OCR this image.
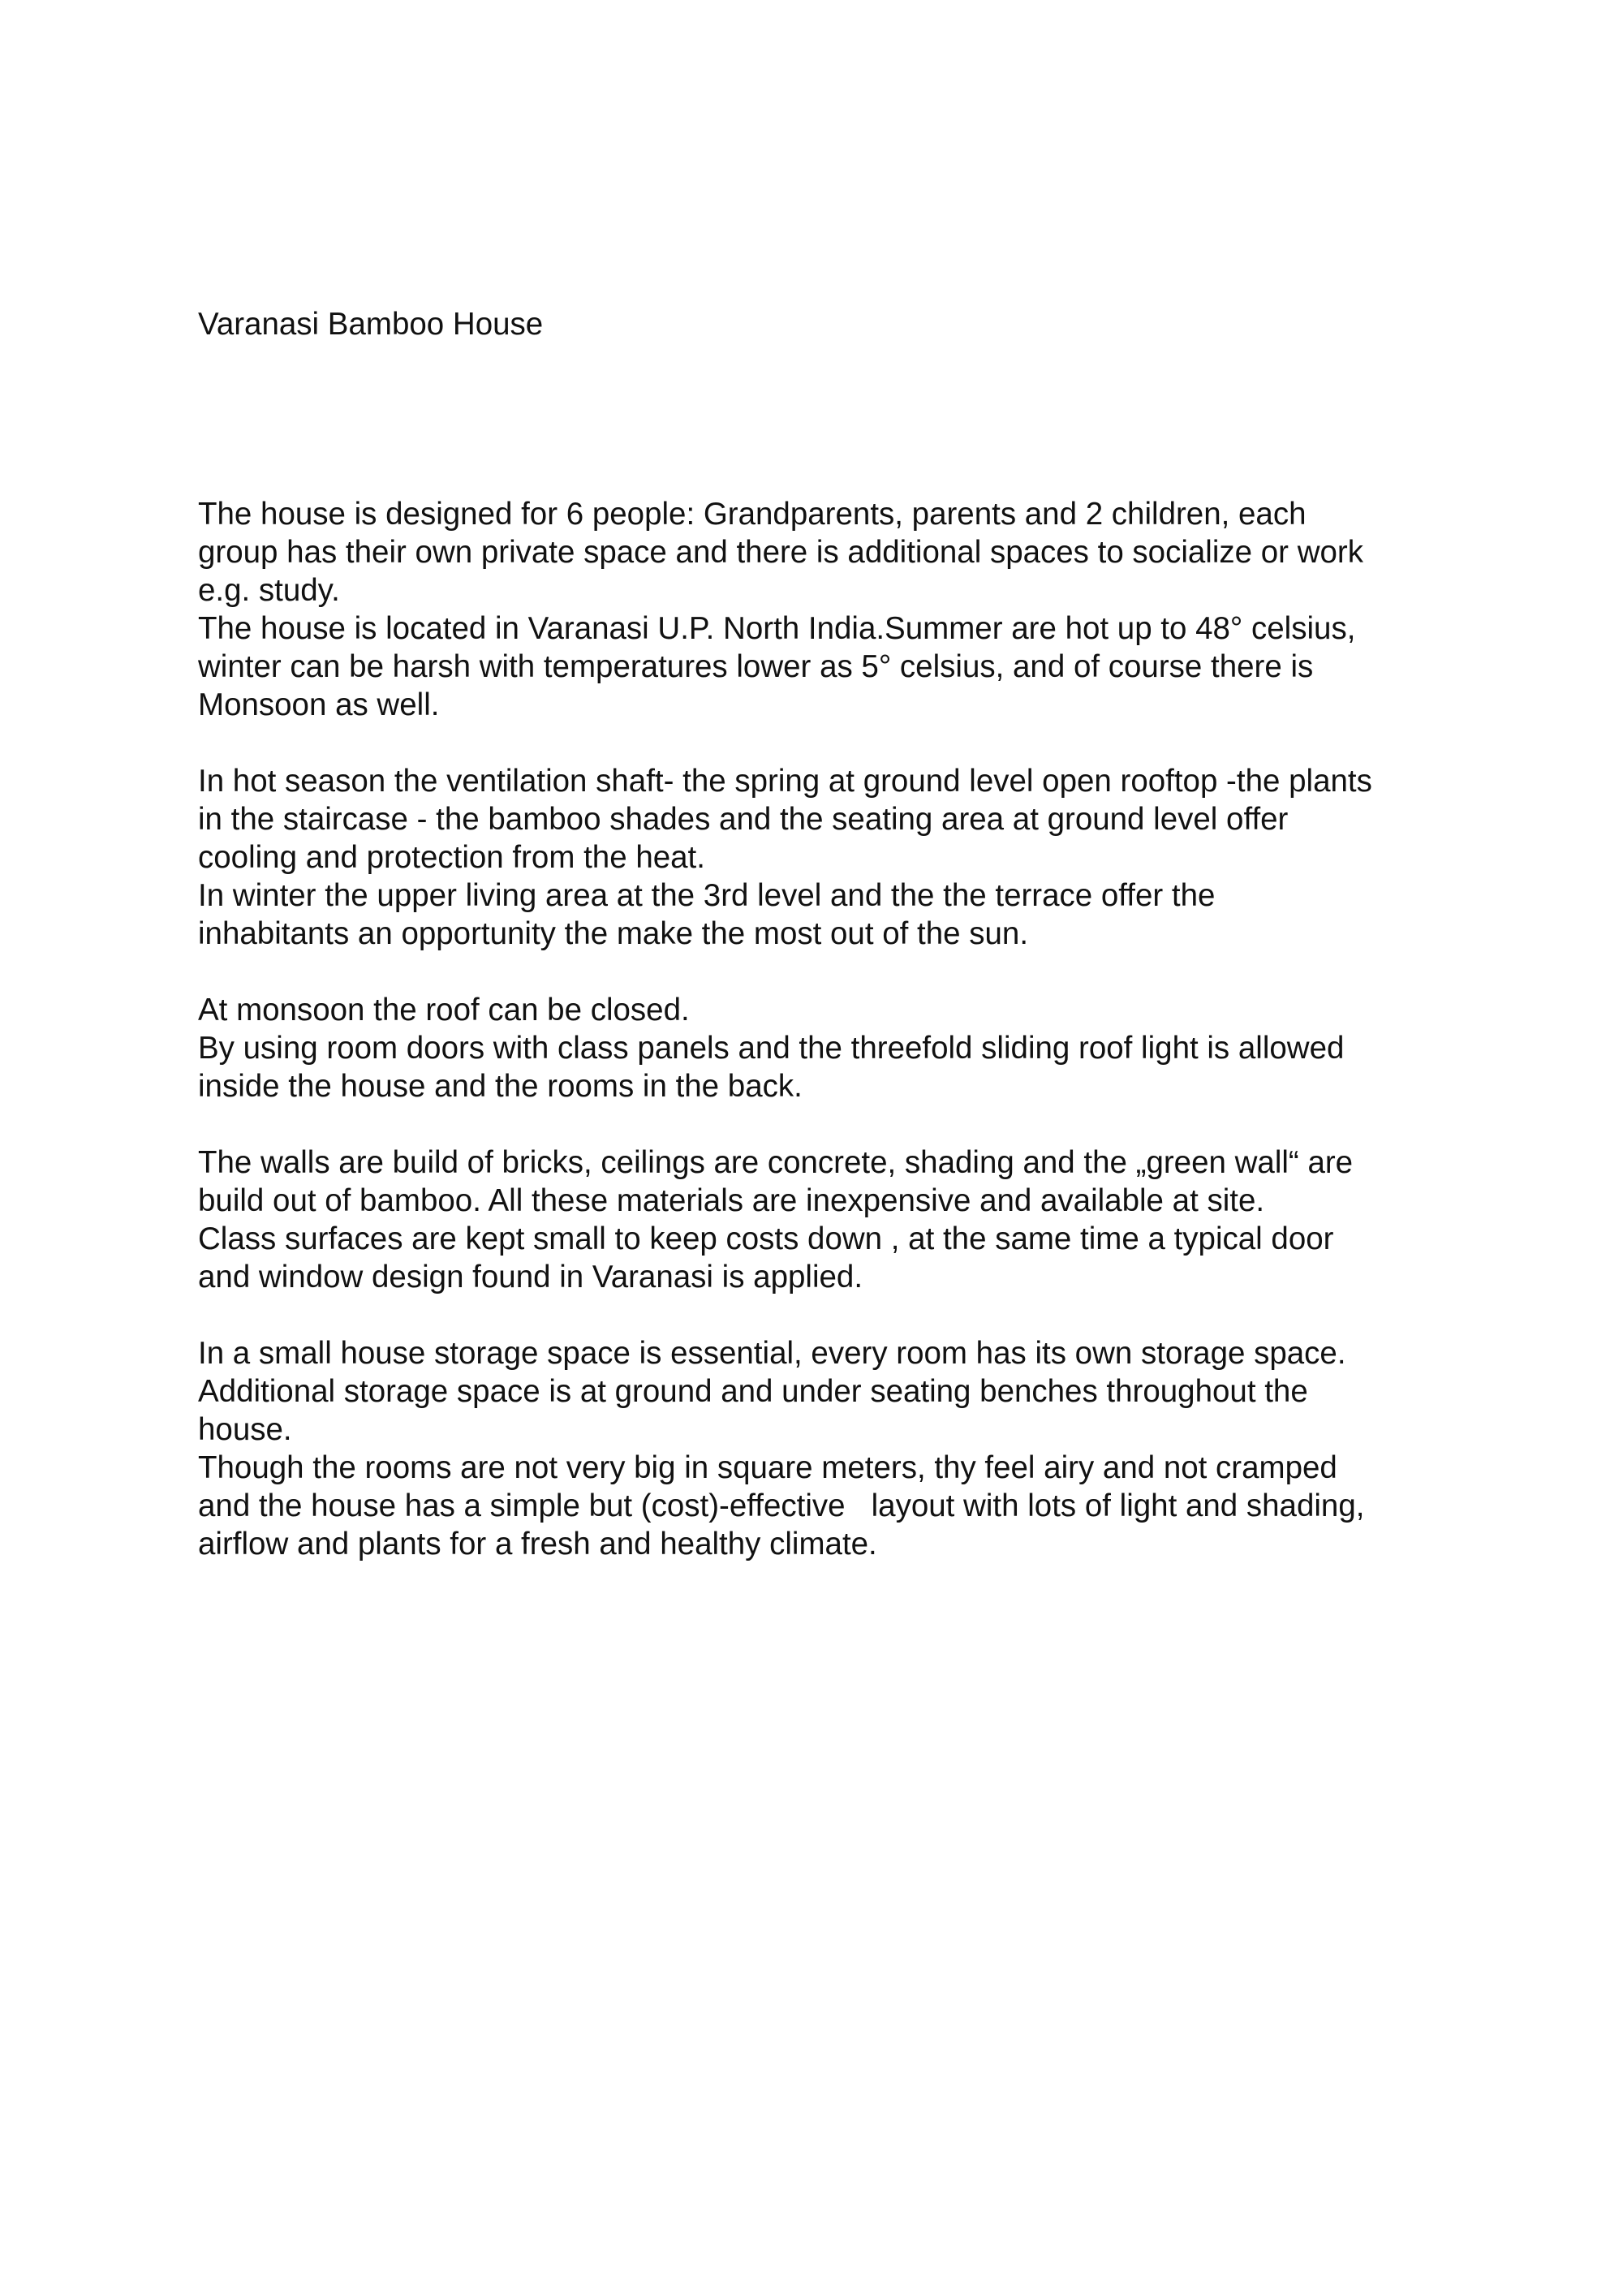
Varanasi Bamboo House
The house is designed for 6 people: Grandparents, parents and 2 children, each
group has their own private space and there is additional spaces to socialize or work
e.g. study.
The house is located in Varanasi U.P. North India.Summer are hot up to 48° celsius,
winter can be harsh with temperatures lower as 5° celsius, and of course there is
Monsoon as well.
In hot season the ventilation shaft- the spring at ground level open rooftop -the plants
in the staircase - the bamboo shades and the seating area at ground level offer
cooling and protection from the heat.
In winter the upper living area at the 3rd level and the the terrace offer the
inhabitants an opportunity the make the most out of the sun.
At monsoon the roof can be closed.
By using room doors with class panels and the threefold sliding roof light is allowed
inside the house and the rooms in the back.
The walls are build of bricks, ceilings are concrete, shading and the „green wall“ are
build out of bamboo. All these materials are inexpensive and available at site.
Class surfaces are kept small to keep costs down , at the same time a typical door
and window design found in Varanasi is applied.
In a small house storage space is essential, every room has its own storage space.
Additional storage space is at ground and under seating benches throughout the
house.
Though the rooms are not very big in square meters, thy feel airy and not cramped
and the house has a simple but (cost)-effective   layout with lots of light and shading,
airflow and plants for a fresh and healthy climate.
